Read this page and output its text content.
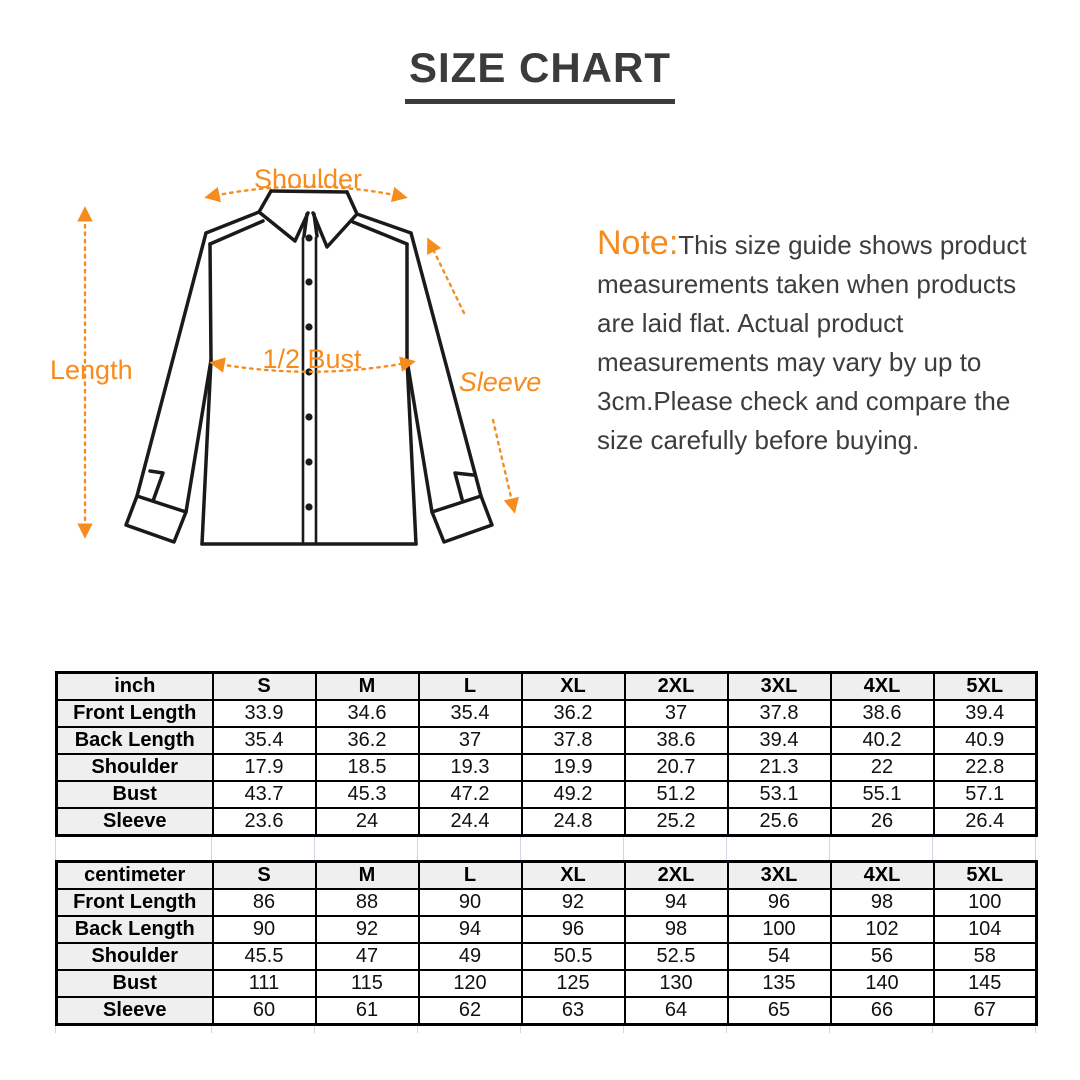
SIZE CHART
Shoulder
Length	1/2 Bust
Sleeve
Note:This size guide shows product measurements taken when products are laid flat. Actual product measurements may vary by up to 3cm.Please check and compare the size carefully before buying.
inch	S	M	L	XL	2XL	3XL	4XL	5XL
Front Length	33.9	34.6	35.4	36.2	37	37.8	38.6	39.4
Back Length	35.4	36.2	37	37.8	38.6	39.4	40.2	40.9
Shoulder	17.9	18.5	19.3	19.9	20.7	21.3	22	22.8
Bust	43.7	45.3	47.2	49.2	51.2	53.1	55.1	57.1
Sleeve	23.6	24	24.4	24.8	25.2	25.6	26	26.4
centimeter	S	M	L	XL	2XL	3XL	4XL	5XL
Front Length	86	88	90	92	94	96	98	100
Back Length	90	92	94	96	98	100	102	104
Shoulder	45.5	47	49	50.5	52.5	54	56	58
Bust	111	115	120	125	130	135	140	145
Sleeve	60	61	62	63	64	65	66	67
